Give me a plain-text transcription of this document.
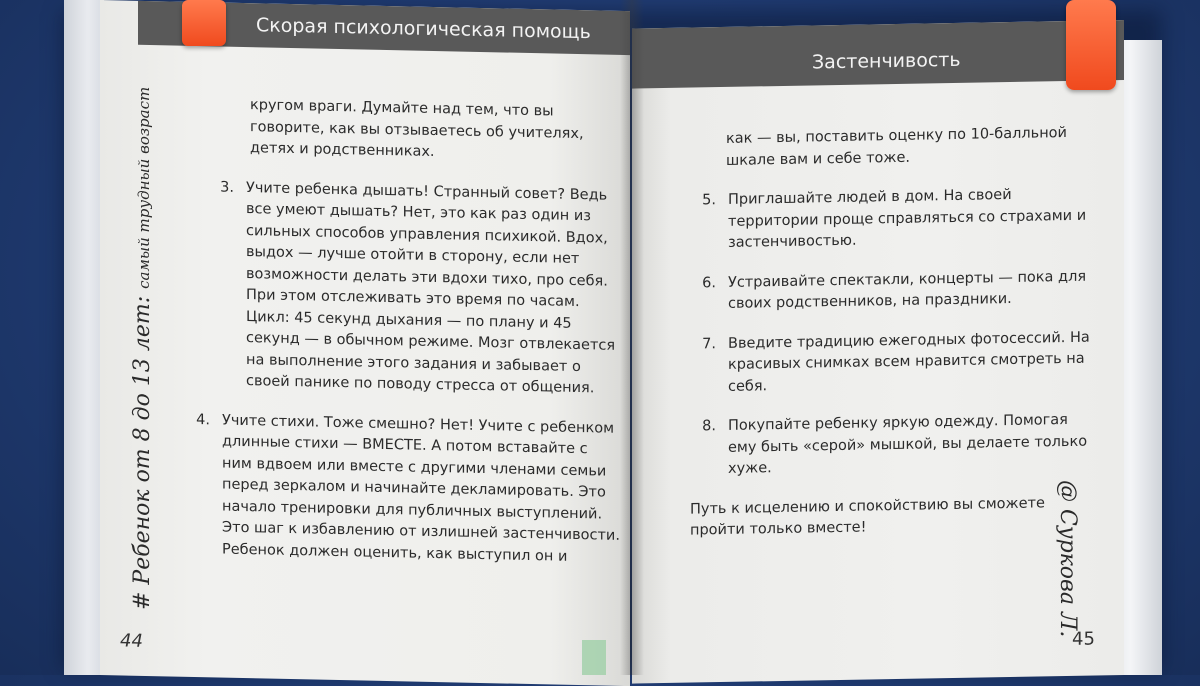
Скорая психологическая помощь
кругом враги. Думайте над тем, что вы говорите, как вы отзываетесь об учителях, детях и родственниках.
3. Учите ребенка дышать! Странный совет? Ведь все умеют дышать? Нет, это как раз один из сильных способов управления психикой. Вдох, выдох — лучше отойти в сторону, если нет возможности делать эти вдохи тихо, про себя. При этом отслеживать это время по часам. Цикл: 45 секунд дыхания — по плану и 45 секунд — в обычном режиме. Мозг отвлекается на выполнение этого задания и забывает о своей панике по поводу стресса от общения.
4. Учите стихи. Тоже смешно? Нет! Учите с ребенком длинные стихи — ВМЕСТЕ. А потом вставайте с ним вдвоем или вместе с другими членами семьи перед зеркалом и начинайте декламировать. Это начало тренировки для публичных выступлений. Это шаг к избавлению от излишней застенчивости. Ребенок должен оценить, как выступил он и
44
# Ребенок от 8 до 13 лет: самый трудный возраст
Застенчивость
как — вы, поставить оценку по 10-балльной шкале вам и себе тоже.
5. Приглашайте людей в дом. На своей территории проще справляться со страхами и застенчивостью.
6. Устраивайте спектакли, концерты — пока для своих родственников, на праздники.
7. Введите традицию ежегодных фотосессий. На красивых снимках всем нравится смотреть на себя.
8. Покупайте ребенку яркую одежду. Помогая ему быть «серой» мышкой, вы делаете только хуже.
Путь к исцелению и спокойствию вы сможете пройти только вместе!
45
@ Суркова Л.
